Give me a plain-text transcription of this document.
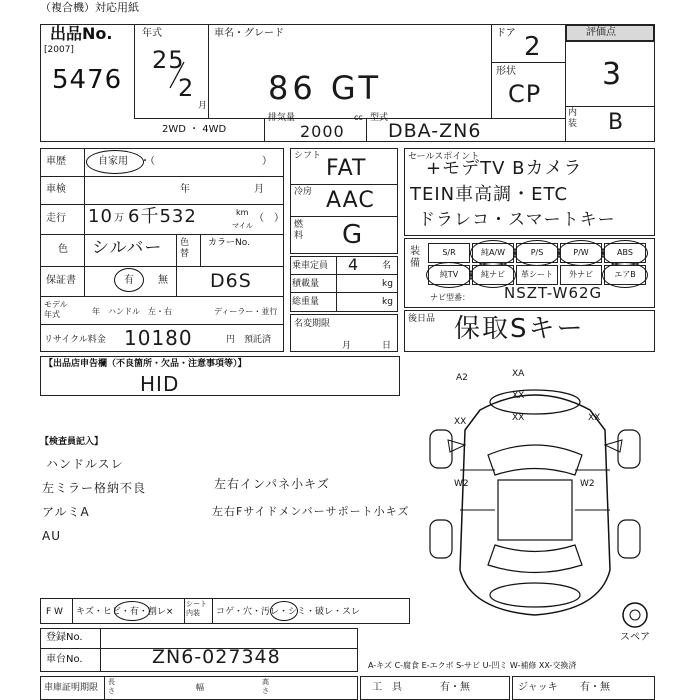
（複合機）対応用紙
出品No.
[2007]
5476
年式
25
2
月
車名・グレード
86 GT
ドア 2
形状
CP
評価点
3
内装 B
2WD ・ 4WD
排気量
2000
cc 型式
DBA-ZN6
車歴	自家用 ・（	）
車検	年	月
走行 10 万 6千532	km
マイル
（　）
色 シルバー 色替
カラーNo.
D6S
保証書	有 無
モデル年式	年　ハンドル　左・右	ディーラー・並行
リサイクル料金 10180	円 預託済
シフト FAT
冷房 AAC
燃料 G
乗車定員 4	名
積載量	kg
総重量	kg
名変期限
月	日
セールスポイント
+モデTV Bカメラ
TEIN車高調・ETC
ドラレコ・スマートキー
装備
ナビ型番： NSZT-W62G
後日品 保取Sキー
【出品店申告欄（不良箇所・欠品・注意事項等）】
HID
【検査員記入】
ハンドルスレ
左ミラー格納不良
アルミA
AU
左右インパネ小キズ
左右Fサイドメンバーサポート小キズ
A2	XA
XX	XX	XX
W2	W2
XX
スペア
F W キズ・ヒビ・有・割レ×
シート内装	コゲ・穴・汚レ・シミ・破レ・スレ
登録No.
車台No.	ZN6-027348	A-キズ C-腐食 E-エクボ S-サビ U-凹ミ W-補修 XX-交換済
車庫証明期限
長さ	幅
高さ	工　具	有・無	ジャッキ 有・無
S/R	純A/W	P/S	P/W	ABS
純TV	純ナビ	革シート	外ナビ	エアB
